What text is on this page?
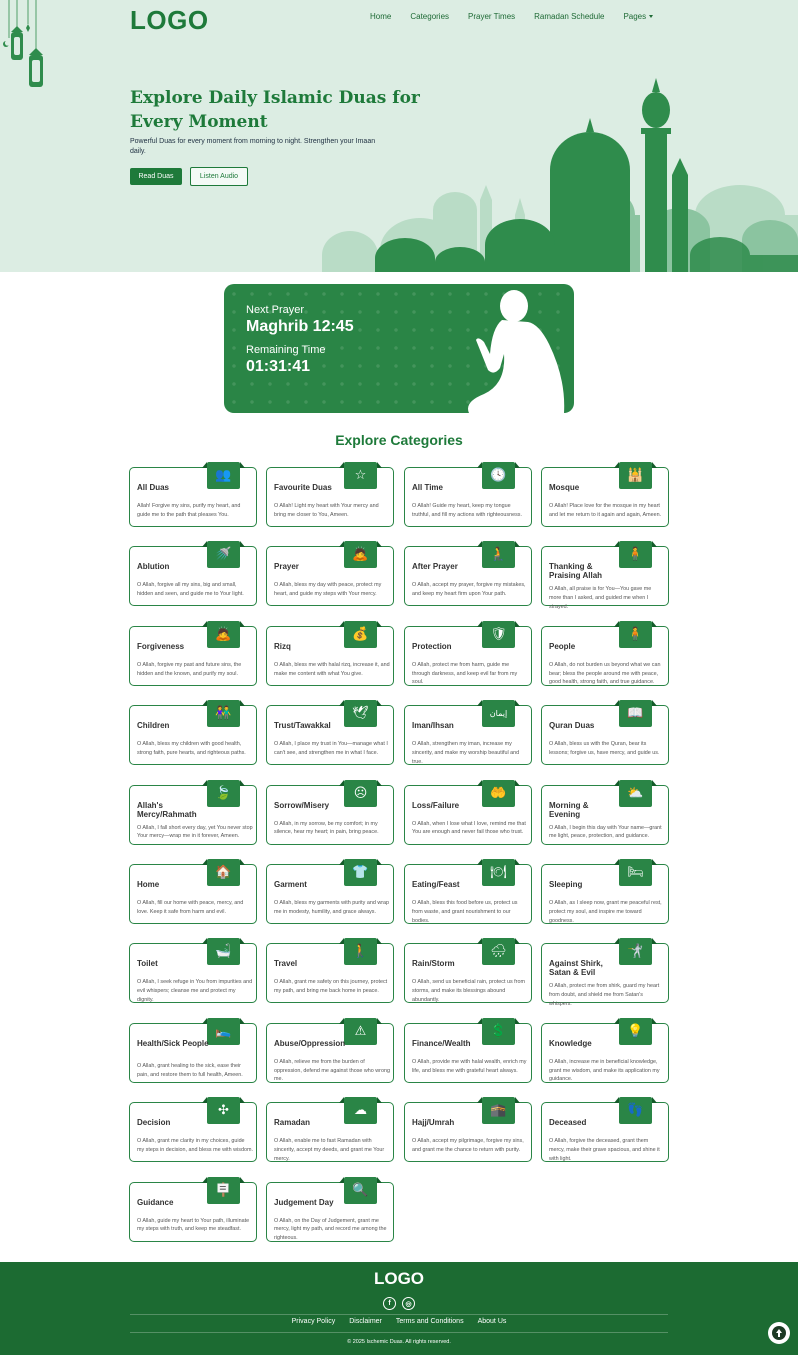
LOGO	Home Categories Prayer Times Ramadan Schedule Pages
Explore Daily Islamic Duas for Every Moment

Powerful Duas for every moment from morning to night. Strengthen your Imaan daily.

Read Duas	Listen Audio
Next Prayer
Maghrib 12:45
Remaining Time
01:31:41
Explore Categories
👥
All Duas
Allah! Forgive my sins, purify my heart, and guide me to the path that pleases You.
☆
Favourite Duas
O Allah! Light my heart with Your mercy and bring me closer to You, Ameen.
🕓
All Time
O Allah! Guide my heart, keep my tongue truthful, and fill my actions with righteousness.
🕌
Mosque
O Allah! Place love for the mosque in my heart and let me return to it again and again, Ameen.
🚿
Ablution
O Allah, forgive all my sins, big and small, hidden and seen, and guide me to Your light.
🙇
Prayer
O Allah, bless my day with peace, protect my heart, and guide my steps with Your mercy.
🧎
After Prayer
O Allah, accept my prayer, forgive my mistakes, and keep my heart firm upon Your path.
🧍
Thanking & Praising Allah
O Allah, all praise is for You—You gave me more than I asked, and guided me when I strayed.
🙇
Forgiveness
O Allah, forgive my past and future sins, the hidden and the known, and purify my soul.
💰
Rizq
O Allah, bless me with halal rizq, increase it, and make me content with what You give.
🛡
Protection
O Allah, protect me from harm, guide me through darkness, and keep evil far from my soul.
🧍
People
O Allah, do not burden us beyond what we can bear; bless the people around me with peace, good health, strong faith, and true guidance.
👫
Children
O Allah, bless my children with good health, strong faith, pure hearts, and righteous paths.
🕊
Trust/Tawakkal
O Allah, I place my trust in You—manage what I can't see, and strengthen me in what I face.
إيمان
Iman/Ihsan
O Allah, strengthen my iman, increase my sincerity, and make my worship beautiful and true.
📖
Quran Duas
O Allah, bless us with the Quran, bear its lessons; forgive us, have mercy, and guide us.
🍃
Allah's Mercy/Rahmath
O Allah, I fall short every day, yet You never stop Your mercy—wrap me in it forever, Ameen.
☹
Sorrow/Misery
O Allah, in my sorrow, be my comfort; in my silence, hear my heart; in pain, bring peace.
🤲
Loss/Failure
O Allah, when I lose what I love, remind me that You are enough and never fail those who trust.
⛅
Morning & Evening
O Allah, I begin this day with Your name—grant me light, peace, protection, and guidance.
🏠
Home
O Allah, fill our home with peace, mercy, and love. Keep it safe from harm and evil.
👕
Garment
O Allah, bless my garments with purity and wrap me in modesty, humility, and grace always.
🍽
Eating/Feast
O Allah, bless this food before us, protect us from waste, and grant nourishment to our bodies.
🛏
Sleeping
O Allah, as I sleep now, grant me peaceful rest, protect my soul, and inspire me toward goodness.
🛁
Toilet
O Allah, I seek refuge in You from impurities and evil whispers; cleanse me and protect my dignity.
🚶
Travel
O Allah, grant me safety on this journey, protect my path, and bring me back home in peace.
🌧
Rain/Storm
O Allah, send us beneficial rain, protect us from storms, and make its blessings abound abundantly.
🤺
Against Shirk, Satan & Evil
O Allah, protect me from shirk, guard my heart from doubt, and shield me from Satan's whispers.
🛌
Health/Sick People
O Allah, grant healing to the sick, ease their pain, and restore them to full health, Ameen.
⚠
Abuse/Oppression
O Allah, relieve me from the burden of oppression, defend me against those who wrong me.
💲
Finance/Wealth
O Allah, provide me with halal wealth, enrich my life, and bless me with grateful heart always.
💡
Knowledge
O Allah, increase me in beneficial knowledge, grant me wisdom, and make its application my guidance.
✣
Decision
O Allah, grant me clarity in my choices, guide my steps in decision, and bless me with wisdom.
☁
Ramadan
O Allah, enable me to fast Ramadan with sincerity, accept my deeds, and grant me Your mercy.
🕋
Hajj/Umrah
O Allah, accept my pilgrimage, forgive my sins, and grant me the chance to return with purity.
👣
Deceased
O Allah, forgive the deceased, grant them mercy, make their grave spacious, and shine it with light.
🪧
Guidance
O Allah, guide my heart to Your path, illuminate my steps with truth, and keep me steadfast.
🔍
Judgement Day
O Allah, on the Day of Judgement, grant me mercy, light my path, and record me among the righteous.
LOGO
f	◎
Privacy Policy Disclaimer Terms and Conditions About Us
© 2025 Ischemic Duas. All rights reserved.
